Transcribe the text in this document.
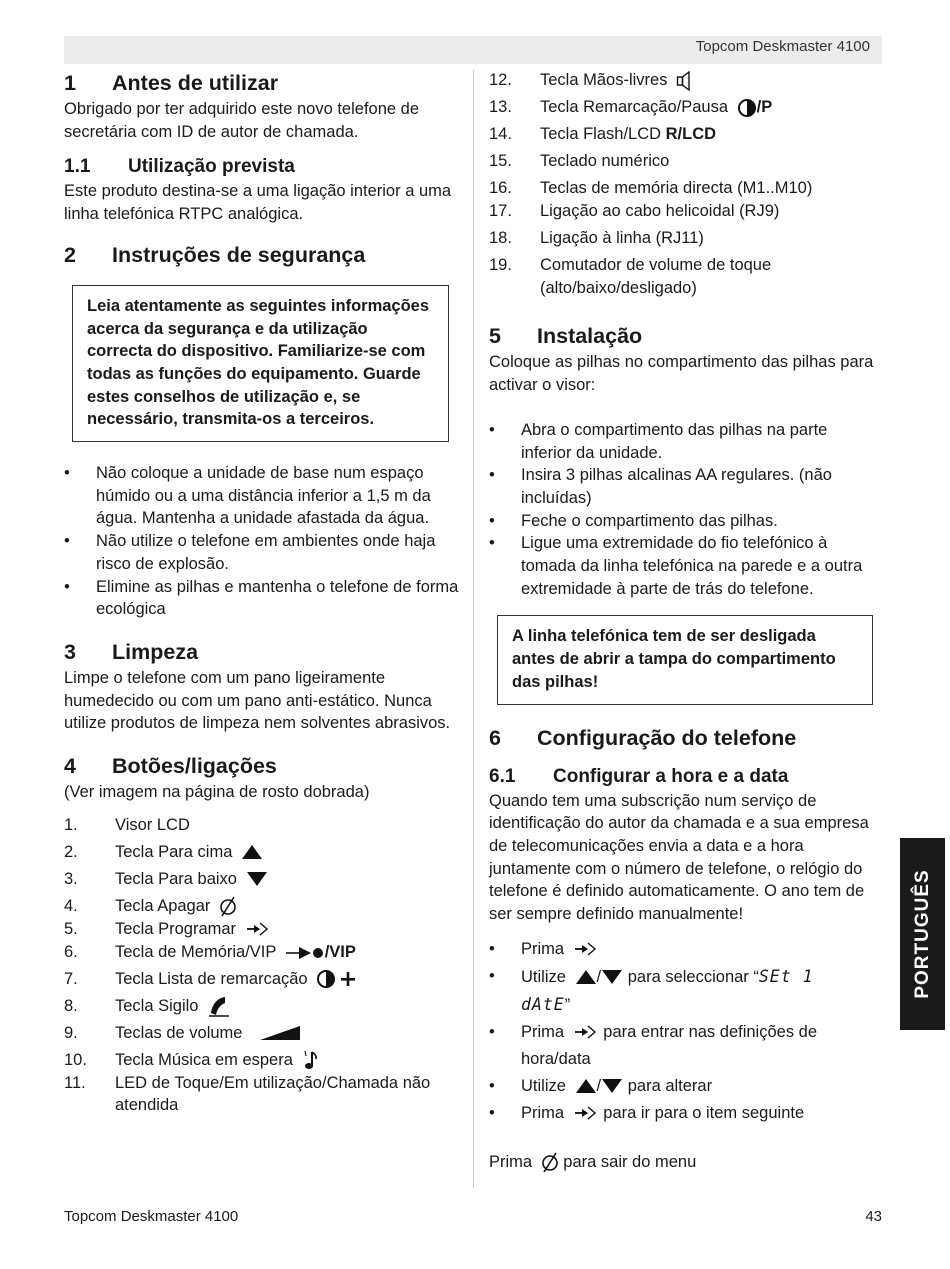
Topcom Deskmaster 4100
1 Antes de utilizar

Obrigado por ter adquirido este novo telefone de secretária com ID de autor de chamada.

1.1 Utilização prevista

Este produto destina-se a uma ligação interior a uma linha telefónica RTPC analógica.

2 Instruções de segurança
Leia atentamente as seguintes informações acerca da segurança e da utilização correcta do dispositivo. Familiarize-se com todas as funções do equipamento. Guarde estes conselhos de utilização e, se necessário, transmita-os a terceiros.
• Não coloque a unidade de base num espaço húmido ou a uma distância inferior a 1,5 m da água. Mantenha a unidade afastada da água.
• Não utilize o telefone em ambientes onde haja risco de explosão.
• Elimine as pilhas e mantenha o telefone de forma ecológica
3 Limpeza

Limpe o telefone com um pano ligeiramente humedecido ou com um pano anti-estático. Nunca utilize produtos de limpeza nem solventes abrasivos.

4 Botões/ligações

(Ver imagem na página de rosto dobrada)

1. Visor LCD
2. Tecla Para cima
3. Tecla Para baixo
4. Tecla Apagar
5. Tecla Programar
6. Tecla de Memória/VIP	/VIP
7. Tecla Lista de remarcação
8. Tecla Sigilo
9. Teclas de volume
10. Tecla Música em espera
11. LED de Toque/Em utilização/Chamada não atendida
12. Tecla Mãos-livres
13. Tecla Remarcação/Pausa /P
14. Tecla Flash/LCD R/LCD
15. Teclado numérico
16. Teclas de memória directa (M1..M10)
17. Ligação ao cabo helicoidal (RJ9)
18. Ligação à linha (RJ11)
19. Comutador de volume de toque (alto/baixo/desligado)
5 Instalação

Coloque as pilhas no compartimento das pilhas para activar o visor:

• Abra o compartimento das pilhas na parte inferior da unidade.
• Insira 3 pilhas alcalinas AA regulares. (não incluídas)
• Feche o compartimento das pilhas.
• Ligue uma extremidade do fio telefónico à tomada da linha telefónica na parede e a outra extremidade à parte de trás do telefone.
A linha telefónica tem de ser desligada antes de abrir a tampa do compartimento das pilhas!
6 Configuração do telefone
6.1 Configurar a hora e a data

Quando tem uma subscrição num serviço de identificação do autor da chamada e a sua empresa de telecomunicações envia a data e a hora juntamente com o número de telefone, o relógio do telefone é definido automaticamente. O ano tem de ser sempre definido manualmente!

• Prima
• Utilize / para seleccionar “SEt 1
dAtE”
• Prima para entrar nas definições de hora/data
• Utilize / para alterar
• Prima para ir para o item seguinte

Prima para sair do menu

PORTUGUÊS
Topcom Deskmaster 4100	43
